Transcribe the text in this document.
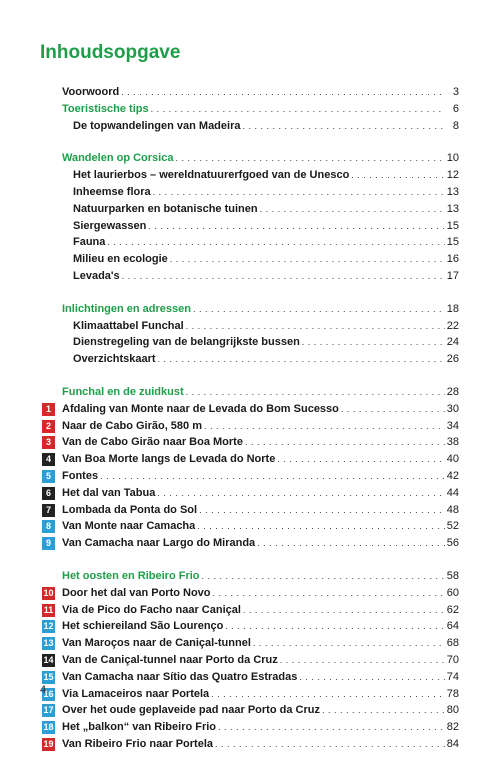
Inhoudsopgave
Voorwoord . . .	3
Toeristische tips . . .	6
De topwandelingen van Madeira . . .	8
Wandelen op Corsica . . .	10
Het laurierbos – wereldnatuurerfgoed van de Unesco . . .	12
Inheemse flora . . .	13
Natuurparken en botanische tuinen . . .	13
Siergewassen . . .	15
Fauna . . .	15
Milieu en ecologie . . .	16
Levada's . . .	17
Inlichtingen en adressen . . .	18
Klimaattabel Funchal . . .	22
Dienstregeling van de belangrijkste bussen . . .	24
Overzichtskaart . . .	26
Funchal en de zuidkust . . .	28
1	Afdaling van Monte naar de Levada do Bom Sucesso . . .	30
2	Naar de Cabo Girão, 580 m . . .	34
3	Van de Cabo Girão naar Boa Morte . . .	38
4	Van Boa Morte langs de Levada do Norte . . .	40
5	Fontes . . .	42
6	Het dal van Tabua . . .	44
7	Lombada da Ponta do Sol . . .	48
8	Van Monte naar Camacha . . .	52
9	Van Camacha naar Largo do Miranda . . .	56
Het oosten en Ribeiro Frio . . .	58
10 Door het dal van Porto Novo . . .	60
11 Via de Pico do Facho naar Caniçal . . .	62
12 Het schiereiland São Lourenço . . .	64
13 Van Maroços naar de Caniçal-tunnel . . .	68
14 Van de Caniçal-tunnel naar Porto da Cruz . . .	70
15 Van Camacha naar Sítio das Quatro Estradas . . .	74
16 Via Lamaceiros naar Portela . . .	78
17 Over het oude geplaveide pad naar Porto da Cruz . . .	80
18 Het „balkon“ van Ribeiro Frio . . .	82
19 Van Ribeiro Frio naar Portela . . .	84
4
